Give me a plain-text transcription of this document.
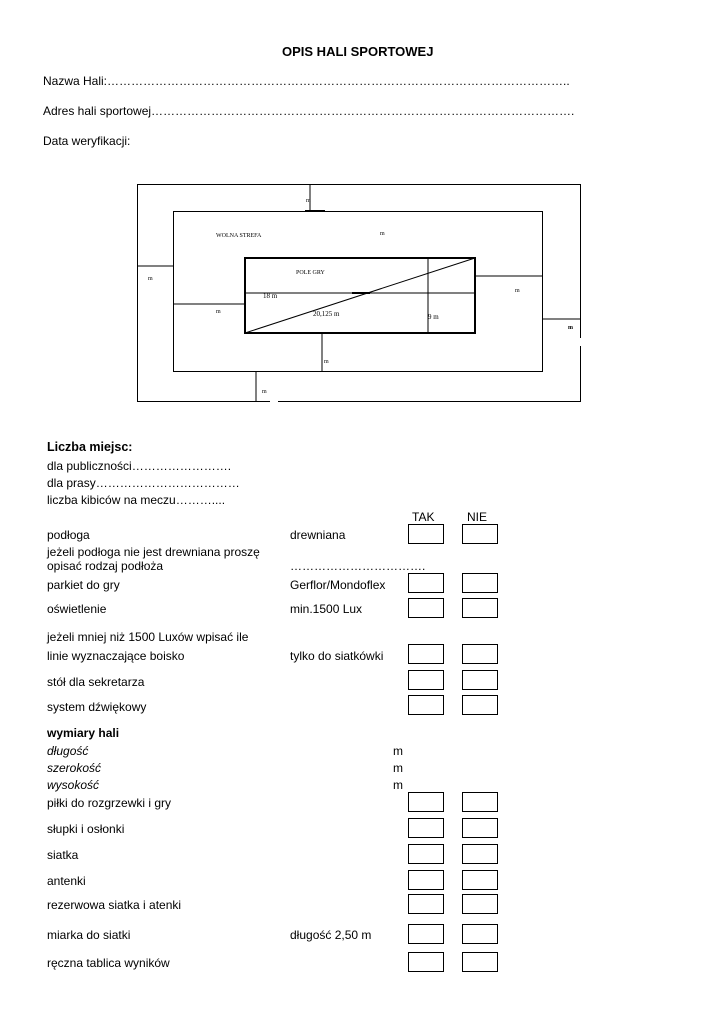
OPIS HALI SPORTOWEJ
Nazwa Hali:……………………………………………………………………………………………………..
Adres hali sportowej…………………………………………………………………………………………….
Data weryfikacji:
m
WOLNA STREFA	m
m
POLE GRY
18 m
m
m	20,125 m	9 m
m
m
m
Liczba miejsc:
dla publiczności…………………….
dla prasy………………………………
liczba kibiców na meczu………....
TAK	NIE
podłoga	drewniana
jeżeli podłoga nie jest drewniana proszę
opisać rodzaj podłoża	…………………………….
parkiet do gry	Gerflor/Mondoflex
oświetlenie	min.1500 Lux
jeżeli mniej niż 1500 Luxów wpisać ile
linie wyznaczające boisko	tylko do siatkówki
stół dla sekretarza
system dźwiękowy
wymiary hali
długość	m
szerokość	m
wysokość	m
piłki do rozgrzewki i gry
słupki i osłonki
siatka
antenki
rezerwowa siatka i atenki
miarka do siatki	długość 2,50 m
ręczna tablica wyników
